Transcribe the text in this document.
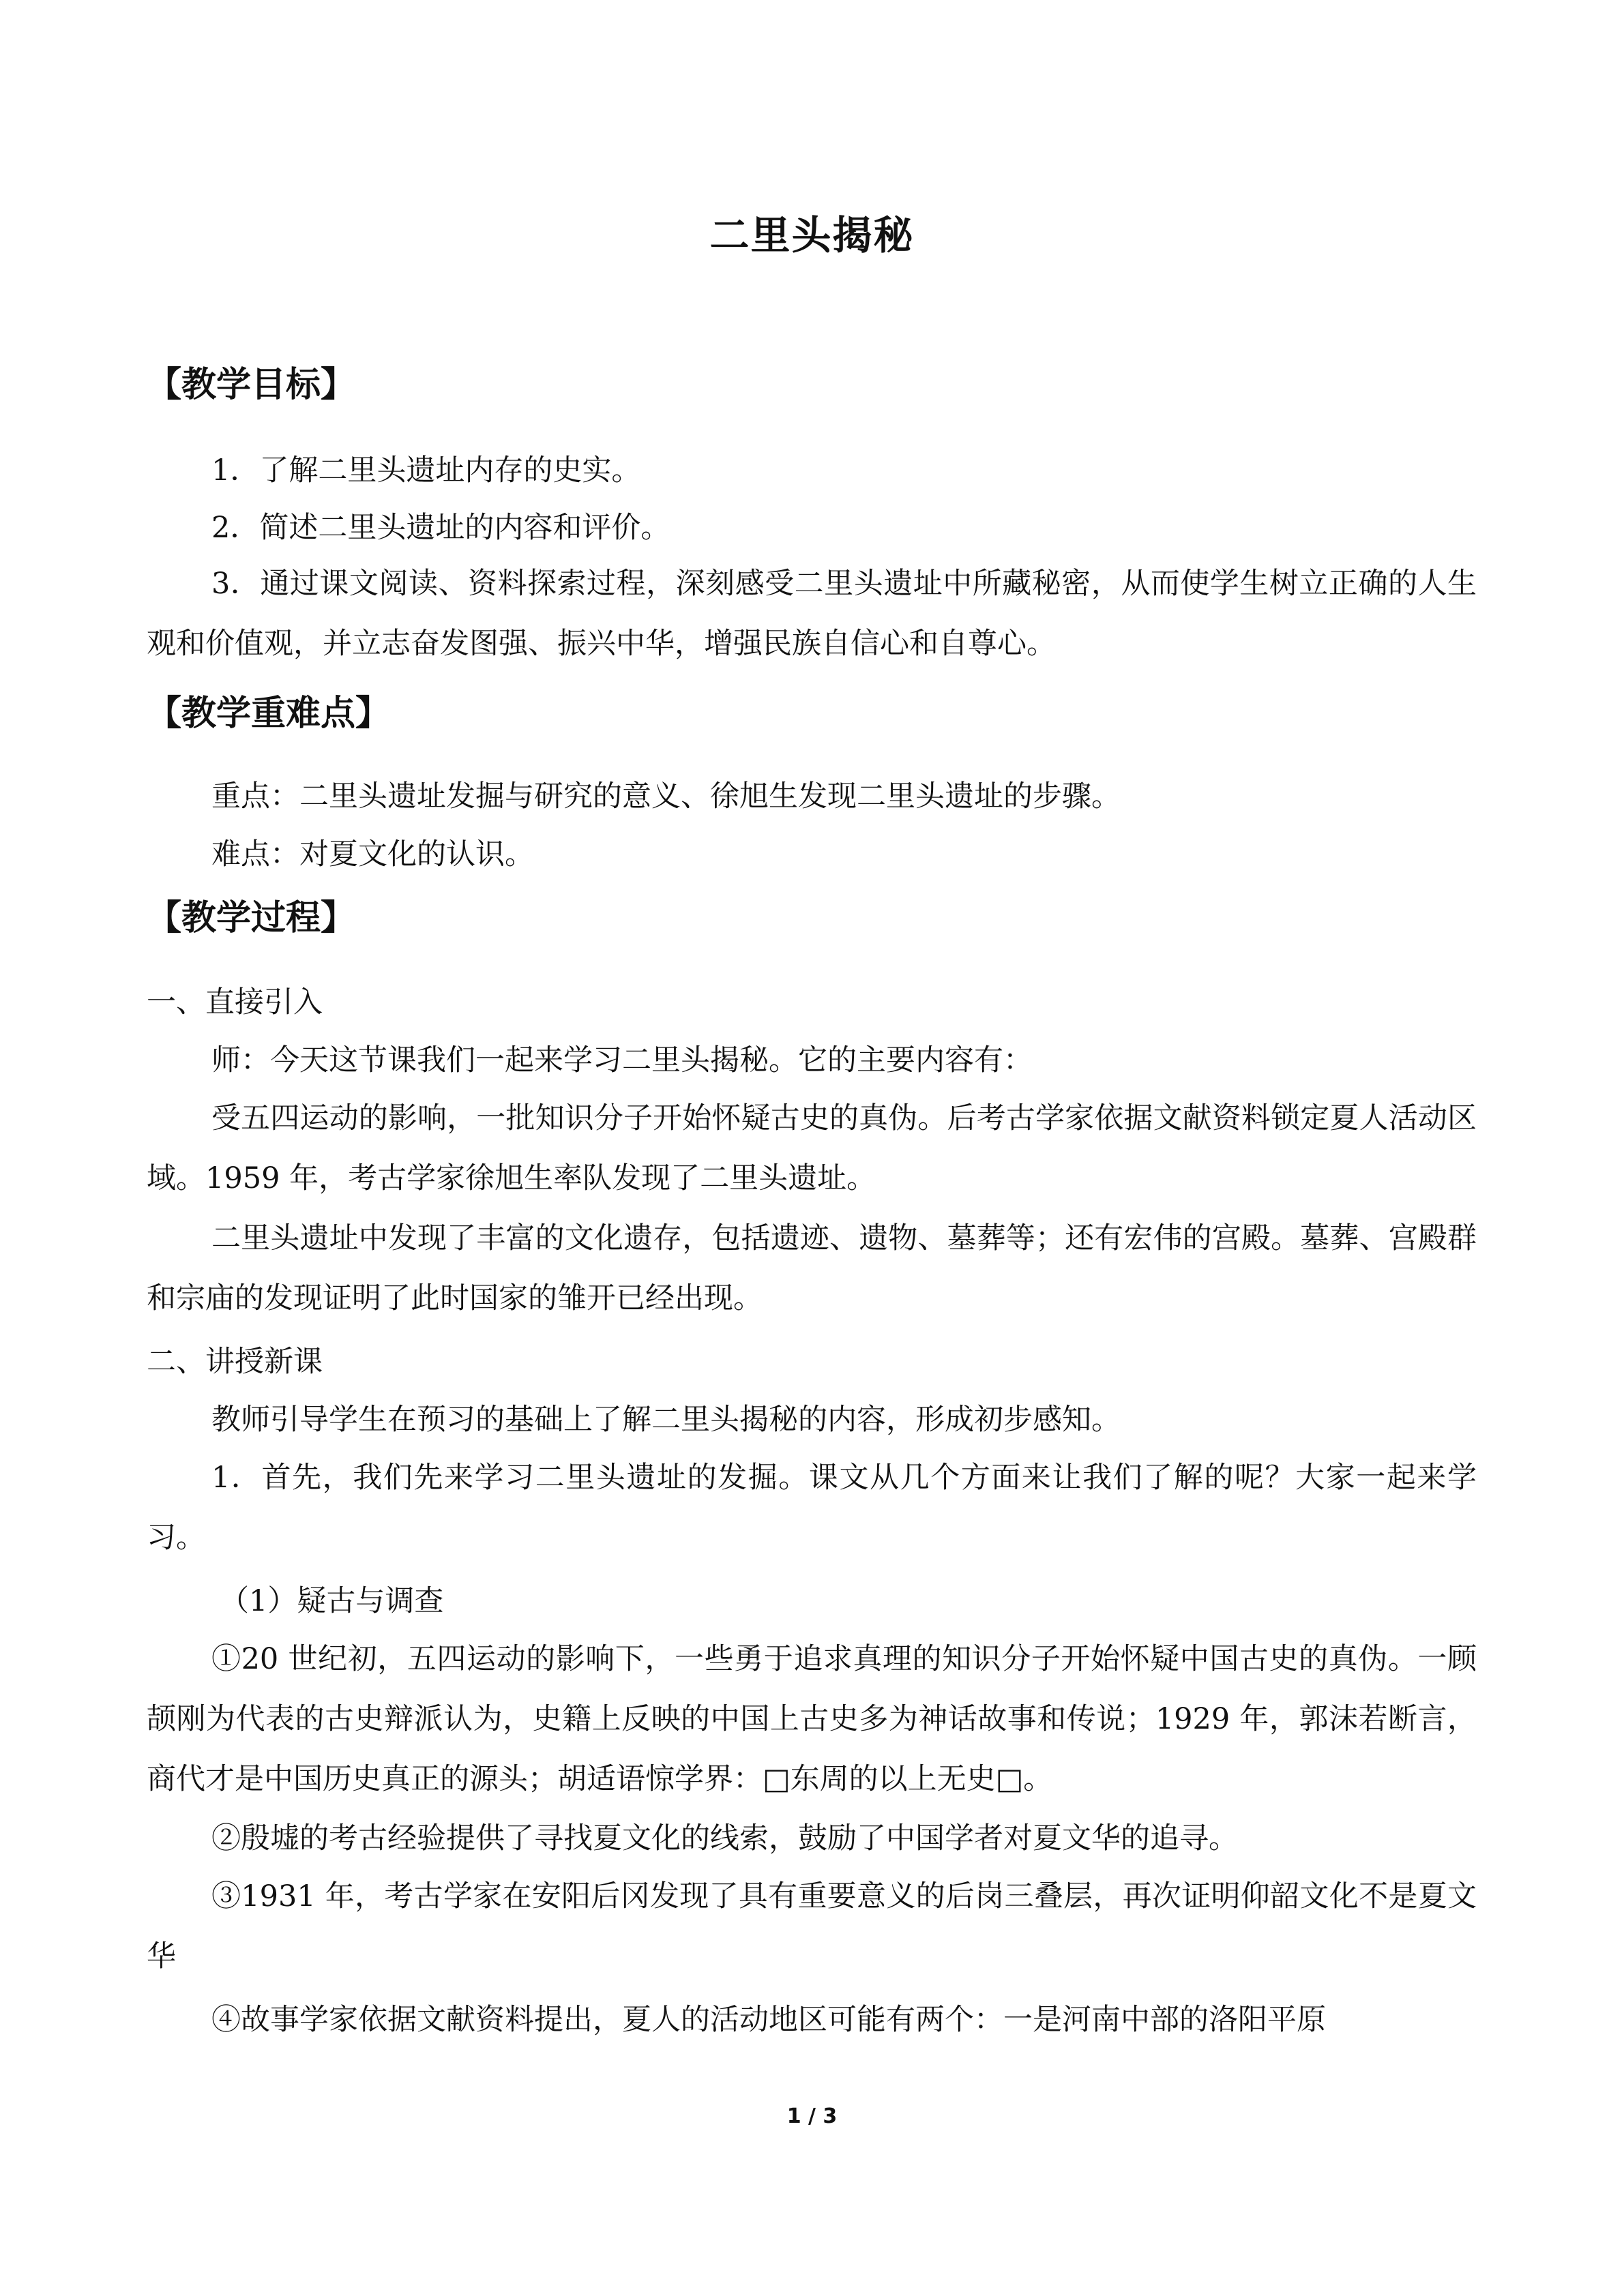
二里头揭秘
【教学目标】
1．了解二里头遗址内存的史实。
2．简述二里头遗址的内容和评价。
3．通过课文阅读、资料探索过程，深刻感受二里头遗址中所藏秘密，从而使学生树立正确的人生观和价值观，并立志奋发图强、振兴中华，增强民族自信心和自尊心。
【教学重难点】
重点：二里头遗址发掘与研究的意义、徐旭生发现二里头遗址的步骤。
难点：对夏文化的认识。
【教学过程】
一、直接引入
师：今天这节课我们一起来学习二里头揭秘。它的主要内容有：
受五四运动的影响，一批知识分子开始怀疑古史的真伪。后考古学家依据文献资料锁定夏人活动区域。1959 年，考古学家徐旭生率队发现了二里头遗址。
二里头遗址中发现了丰富的文化遗存，包括遗迹、遗物、墓葬等；还有宏伟的宫殿。墓葬、宫殿群和宗庙的发现证明了此时国家的雏开已经出现。
二、讲授新课
教师引导学生在预习的基础上了解二里头揭秘的内容，形成初步感知。
1．首先，我们先来学习二里头遗址的发掘。课文从几个方面来让我们了解的呢？大家一起来学习。
（1）疑古与调查
①20 世纪初，五四运动的影响下，一些勇于追求真理的知识分子开始怀疑中国古史的真伪。一顾颉刚为代表的古史辩派认为，史籍上反映的中国上古史多为神话故事和传说；1929 年，郭沫若断言，商代才是中国历史真正的源头；胡适语惊学界：□东周的以上无史□。
②殷墟的考古经验提供了寻找夏文化的线索，鼓励了中国学者对夏文华的追寻。
③1931 年，考古学家在安阳后冈发现了具有重要意义的后岗三叠层，再次证明仰韶文化不是夏文华
④故事学家依据文献资料提出，夏人的活动地区可能有两个：一是河南中部的洛阳平原
1 / 3
